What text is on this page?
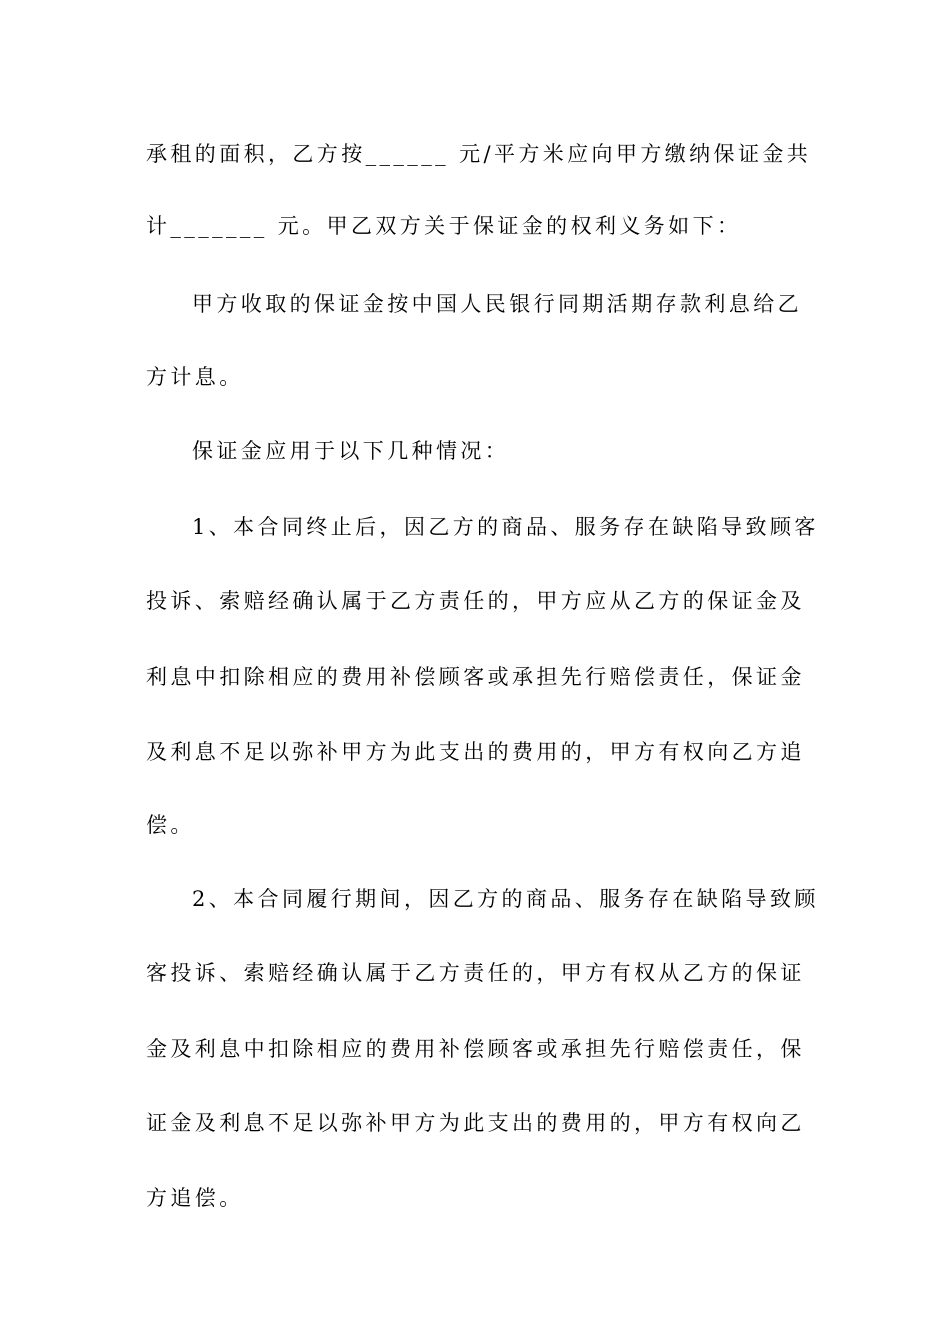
承租的面积，乙方按______ 元/平方米应向甲方缴纳保证金共

计_______ 元。甲乙双方关于保证金的权利义务如下：

甲方收取的保证金按中国人民银行同期活期存款利息给乙

方计息。

保证金应用于以下几种情况：

1、本合同终止后，因乙方的商品、服务存在缺陷导致顾客

投诉、索赔经确认属于乙方责任的，甲方应从乙方的保证金及

利息中扣除相应的费用补偿顾客或承担先行赔偿责任，保证金

及利息不足以弥补甲方为此支出的费用的，甲方有权向乙方追

偿。

2、本合同履行期间，因乙方的商品、服务存在缺陷导致顾

客投诉、索赔经确认属于乙方责任的，甲方有权从乙方的保证

金及利息中扣除相应的费用补偿顾客或承担先行赔偿责任，保

证金及利息不足以弥补甲方为此支出的费用的，甲方有权向乙

方追偿。
